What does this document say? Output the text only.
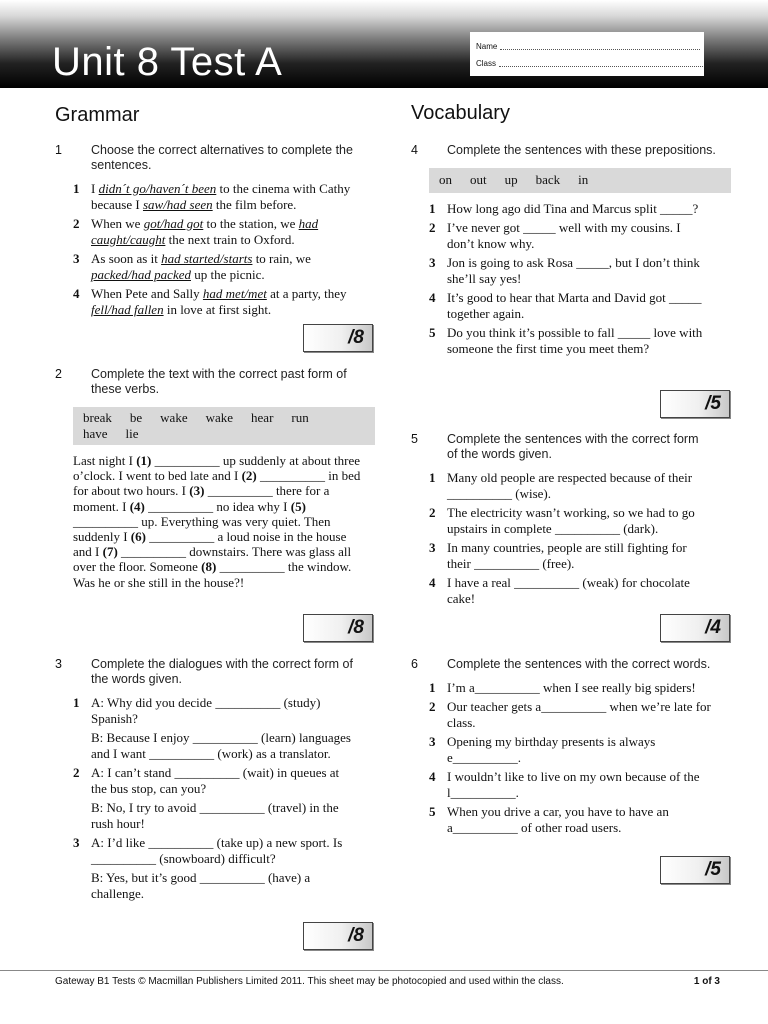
Unit 8 Test A	Name
Class
Grammar	Vocabulary
1 Choose the correct alternatives to complete the sentences.
1 I didn´t go/haven´t been to the cinema with Cathy because I saw/had seen the film before.
2 When we got/had got to the station, we had caught/caught the next train to Oxford.
3 As soon as it had started/starts to rain, we packed/had packed up the picnic.
4 When Pete and Sally had met/met at a party, they fell/had fallen in love at first sight.
/8
2 Complete the text with the correct past form of these verbs.
break be wake wake hear run
have lie
Last night I (1) __________ up suddenly at about three o’clock. I went to bed late and I (2) __________ in bed for about two hours. I (3) __________ there for a moment. I (4) __________ no idea why I (5) __________ up. Everything was very quiet. Then suddenly I (6) __________ a loud noise in the house and I (7) __________ downstairs. There was glass all over the floor. Someone (8) __________ the window. Was he or she still in the house?!
/8
3 Complete the dialogues with the correct form of the words given.
1 A: Why did you decide __________ (study) Spanish?

B: Because I enjoy __________ (learn) languages and I want __________ (work) as a translator.

2 A: I can’t stand __________ (wait) in queues at the bus stop, can you?

B: No, I try to avoid __________ (travel) in the rush hour!

3 A: I’d like __________ (take up) a new sport. Is __________ (snowboard) difficult?

B: Yes, but it’s good __________ (have) a challenge.

/8
4 Complete the sentences with these prepositions.
on out up back in
1 How long ago did Tina and Marcus split _____?
2 I’ve never got _____ well with my cousins. I don’t know why.
3 Jon is going to ask Rosa _____, but I don’t think she’ll say yes!
4 It’s good to hear that Marta and David got _____ together again.
5 Do you think it’s possible to fall _____ love with someone the first time you meet them?
/5
5 Complete the sentences with the correct form of the words given.
1 Many old people are respected because of their __________ (wise).
2 The electricity wasn’t working, so we had to go upstairs in complete __________ (dark).
3 In many countries, people are still fighting for their __________ (free).
4 I have a real __________ (weak) for chocolate cake!
/4
6 Complete the sentences with the correct words.
1 I’m a__________ when I see really big spiders!
2 Our teacher gets a__________ when we’re late for class.
3 Opening my birthday presents is always e__________.
4 I wouldn’t like to live on my own because of the l__________.
5 When you drive a car, you have to have an a__________ of other road users.
/5
Gateway B1 Tests © Macmillan Publishers Limited 2011. This sheet may be photocopied and used within the class.	1 of 3
